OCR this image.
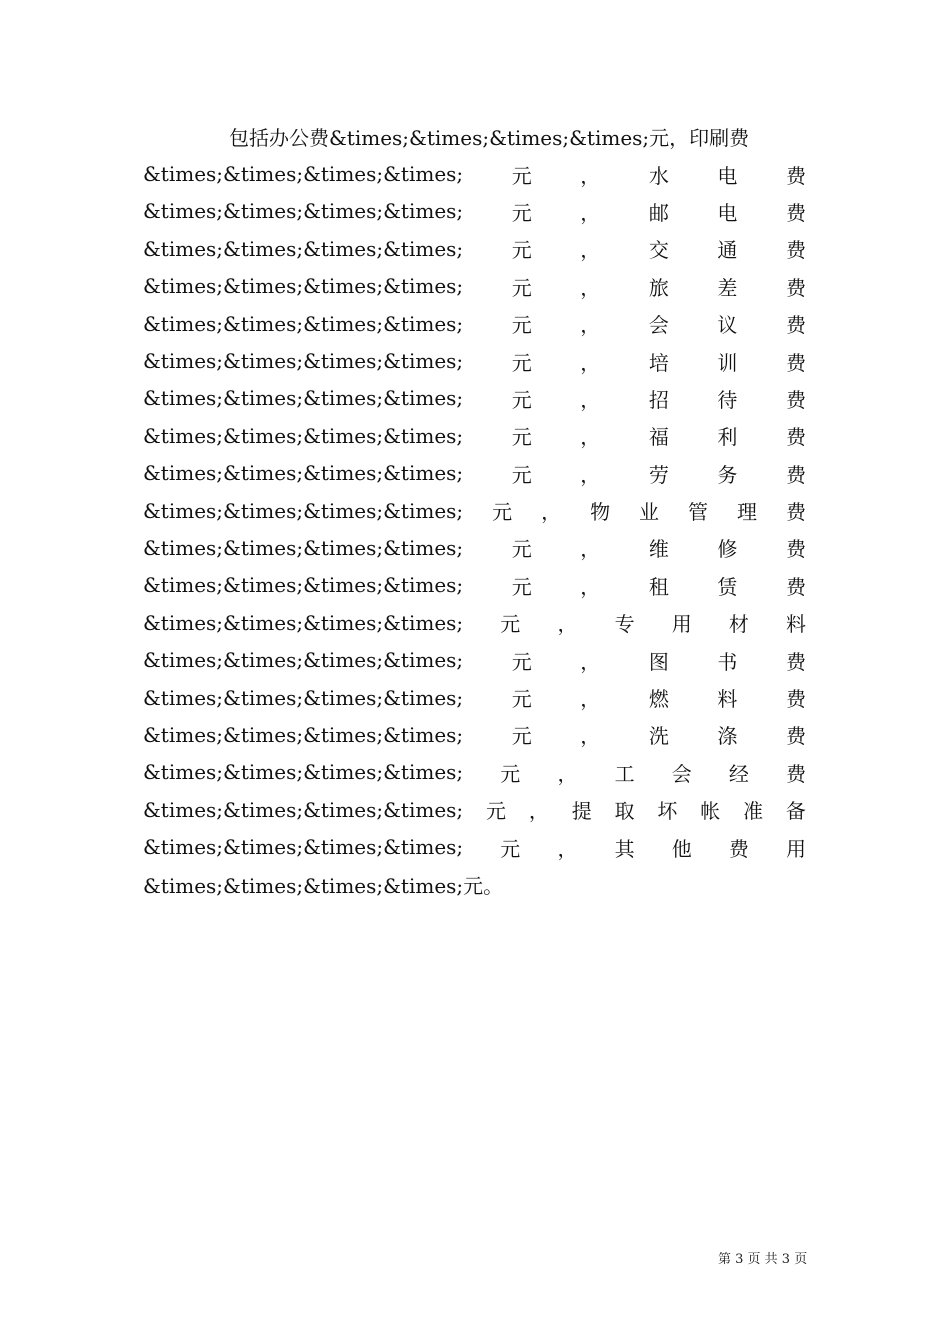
包括办公费&times;&times;&times;&times;元，印刷费
&times;&times;&times;&times; 元 ， 水 电 费
&times;&times;&times;&times; 元 ， 邮 电 费
&times;&times;&times;&times; 元 ， 交 通 费
&times;&times;&times;&times; 元 ， 旅 差 费
&times;&times;&times;&times; 元 ， 会 议 费
&times;&times;&times;&times; 元 ， 培 训 费
&times;&times;&times;&times; 元 ， 招 待 费
&times;&times;&times;&times; 元 ， 福 利 费
&times;&times;&times;&times; 元 ， 劳 务 费
&times;&times;&times;&times; 元 ， 物 业 管 理 费
&times;&times;&times;&times; 元 ， 维 修 费
&times;&times;&times;&times; 元 ， 租 赁 费
&times;&times;&times;&times; 元 ， 专 用 材 料
&times;&times;&times;&times; 元 ， 图 书 费
&times;&times;&times;&times; 元 ， 燃 料 费
&times;&times;&times;&times; 元 ， 洗 涤 费
&times;&times;&times;&times; 元 ， 工 会 经 费
&times;&times;&times;&times; 元 ， 提 取 坏 帐 准 备
&times;&times;&times;&times; 元 ， 其 他 费 用
&times;&times;&times;&times;元。
第 3 页 共 3 页
